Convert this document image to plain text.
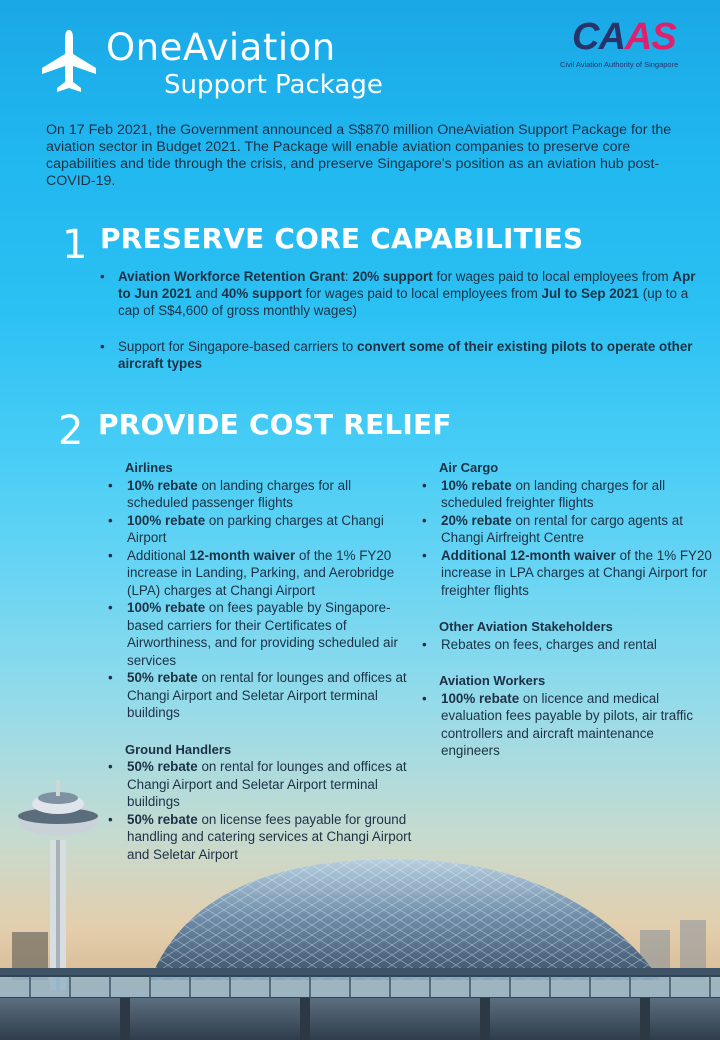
OneAviation
Support Package
CAAS
Civil Aviation Authority of Singapore

On 17 Feb 2021, the Government announced a S$870 million OneAviation Support Package for the aviation sector in Budget 2021. The Package will enable aviation companies to preserve core capabilities and tide through the crisis, and preserve Singapore's position as an aviation hub post-COVID-19.

1 PRESERVE CORE CAPABILITIES
• Aviation Workforce Retention Grant: 20% support for wages paid to local employees from Apr to Jun 2021 and 40% support for wages paid to local employees from Jul to Sep 2021 (up to a cap of S$4,600 of gross monthly wages)
• Support for Singapore-based carriers to convert some of their existing pilots to operate other aircraft types
2 PROVIDE COST RELIEF
Airlines
• 10% rebate on landing charges for all scheduled passenger flights
• 100% rebate on parking charges at Changi Airport
• Additional 12-month waiver of the 1% FY20 increase in Landing, Parking, and Aerobridge (LPA) charges at Changi Airport
• 100% rebate on fees payable by Singapore-based carriers for their Certificates of Airworthiness, and for providing scheduled air services
• 50% rebate on rental for lounges and offices at Changi Airport and Seletar Airport terminal buildings
Ground Handlers
• 50% rebate on rental for lounges and offices at Changi Airport and Seletar Airport terminal buildings
• 50% rebate on license fees payable for ground handling and catering services at Changi Airport and Seletar Airport
Air Cargo
• 10% rebate on landing charges for all scheduled freighter flights
• 20% rebate on rental for cargo agents at Changi Airfreight Centre
• Additional 12-month waiver of the 1% FY20 increase in LPA charges at Changi Airport for freighter flights
Other Aviation Stakeholders
• Rebates on fees, charges and rental
Aviation Workers
• 100% rebate on licence and medical evaluation fees payable by pilots, air traffic controllers and aircraft maintenance engineers
